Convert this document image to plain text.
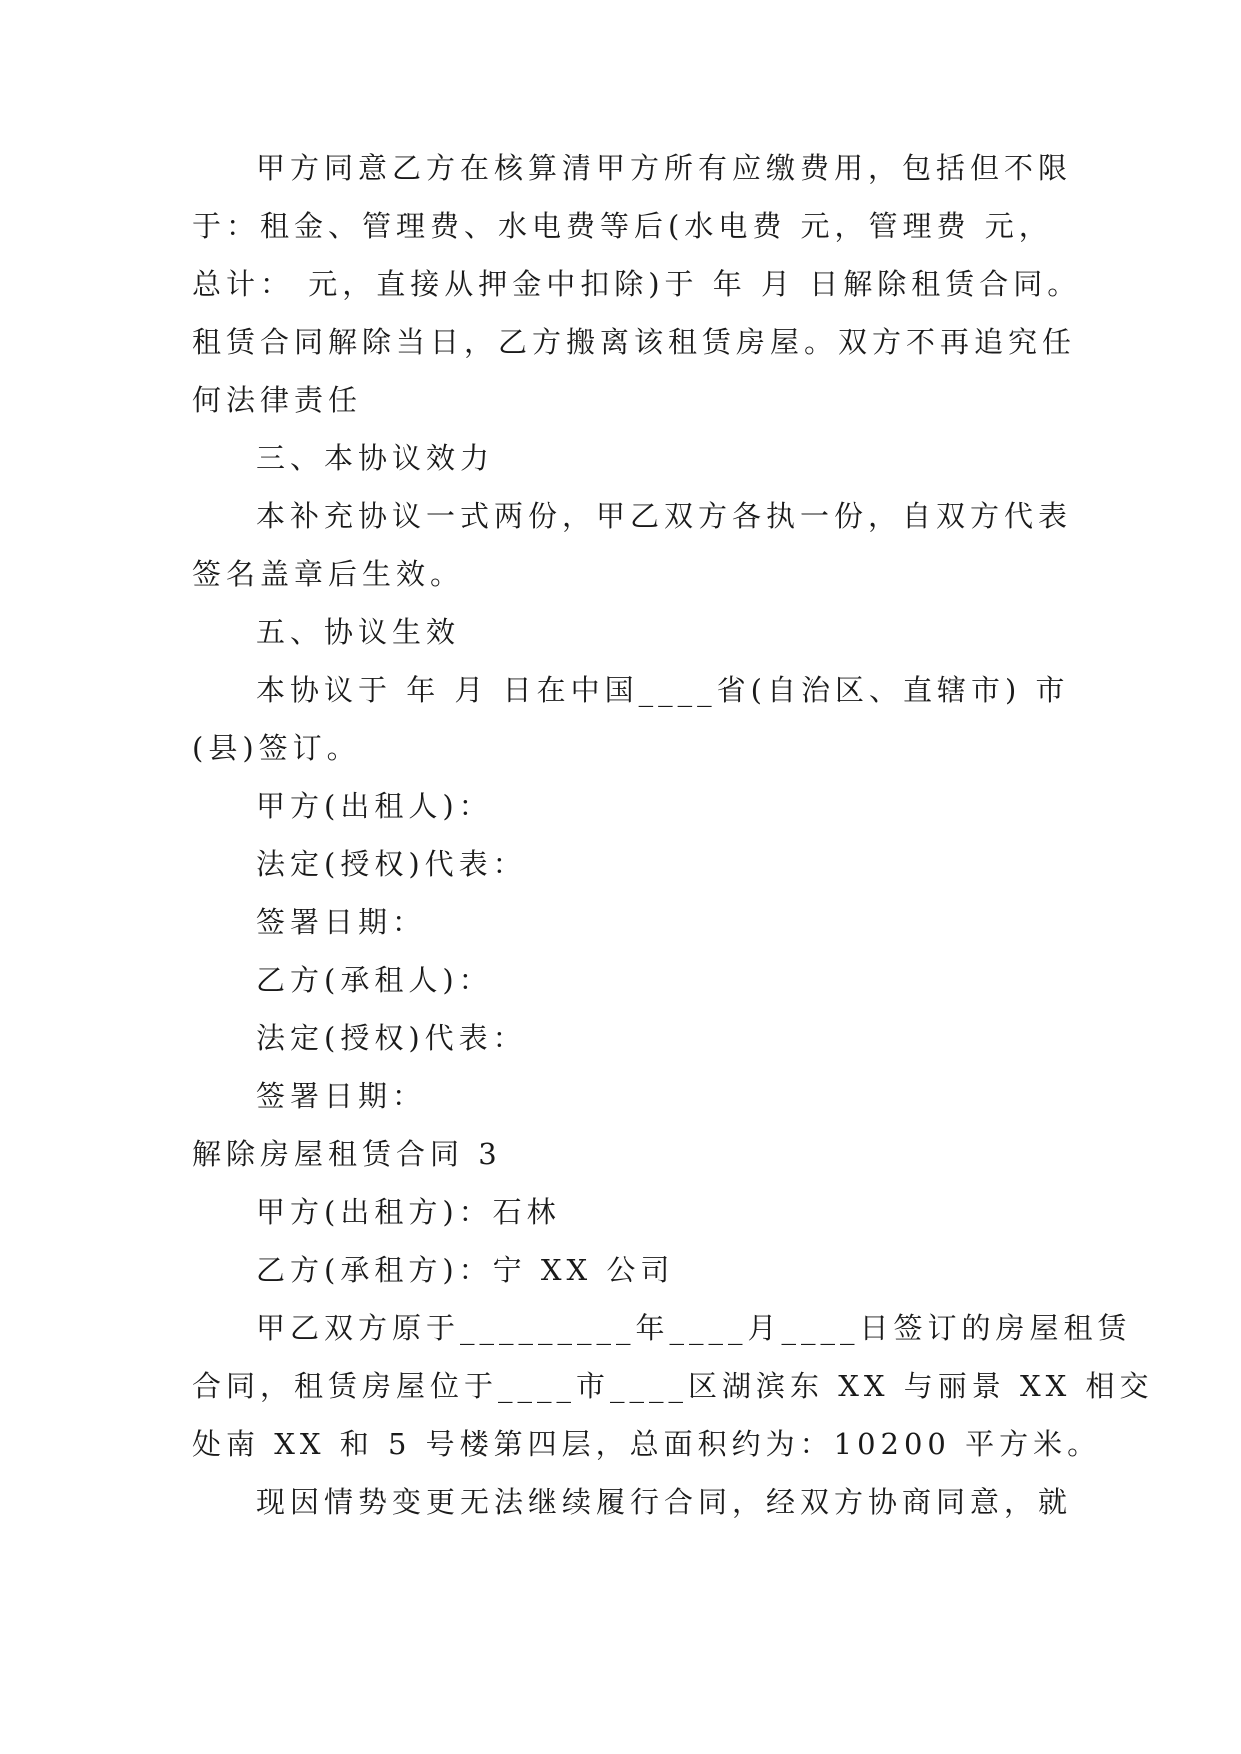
甲方同意乙方在核算清甲方所有应缴费用，包括但不限
于：租金、管理费、水电费等后(水电费 元，管理费 元，
总计： 元，直接从押金中扣除)于 年 月 日解除租赁合同。
租赁合同解除当日，乙方搬离该租赁房屋。双方不再追究任
何法律责任
三、本协议效力
本补充协议一式两份，甲乙双方各执一份，自双方代表
签名盖章后生效。
五、协议生效
本协议于 年 月 日在中国____省(自治区、直辖市) 市
(县)签订。
甲方(出租人)：
法定(授权)代表：
签署日期：
乙方(承租人)：
法定(授权)代表：
签署日期：
解除房屋租赁合同 3
甲方(出租方)：石林
乙方(承租方)：宁 XX 公司
甲乙双方原于_________年____月____日签订的房屋租赁
合同，租赁房屋位于____市____区湖滨东 XX 与丽景 XX 相交
处南 XX 和 5 号楼第四层，总面积约为：10200 平方米。
现因情势变更无法继续履行合同，经双方协商同意，就
